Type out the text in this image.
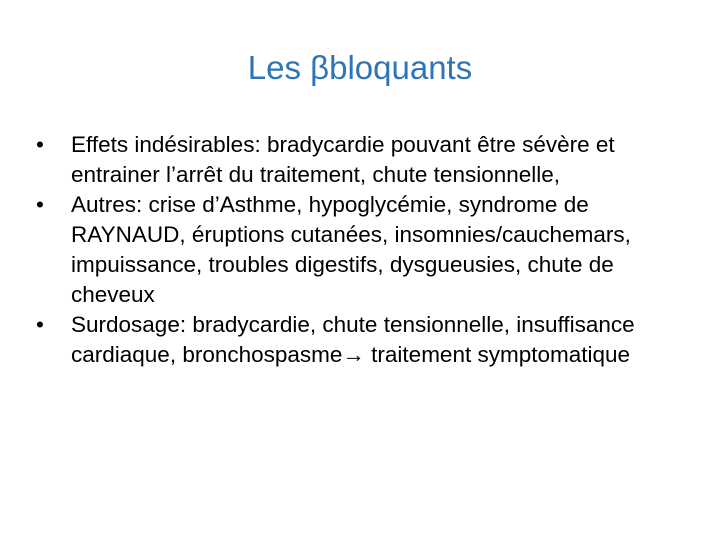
Les βbloquants
•	Effets indésirables: bradycardie pouvant être sévère et entrainer l’arrêt du traitement, chute tensionnelle,
•	Autres: crise d’Asthme, hypoglycémie, syndrome de RAYNAUD, éruptions cutanées, insomnies/cauchemars, impuissance, troubles digestifs, dysgueusies, chute de cheveux
•	Surdosage: bradycardie, chute tensionnelle, insuffisance cardiaque, bronchospasme→ traitement symptomatique
